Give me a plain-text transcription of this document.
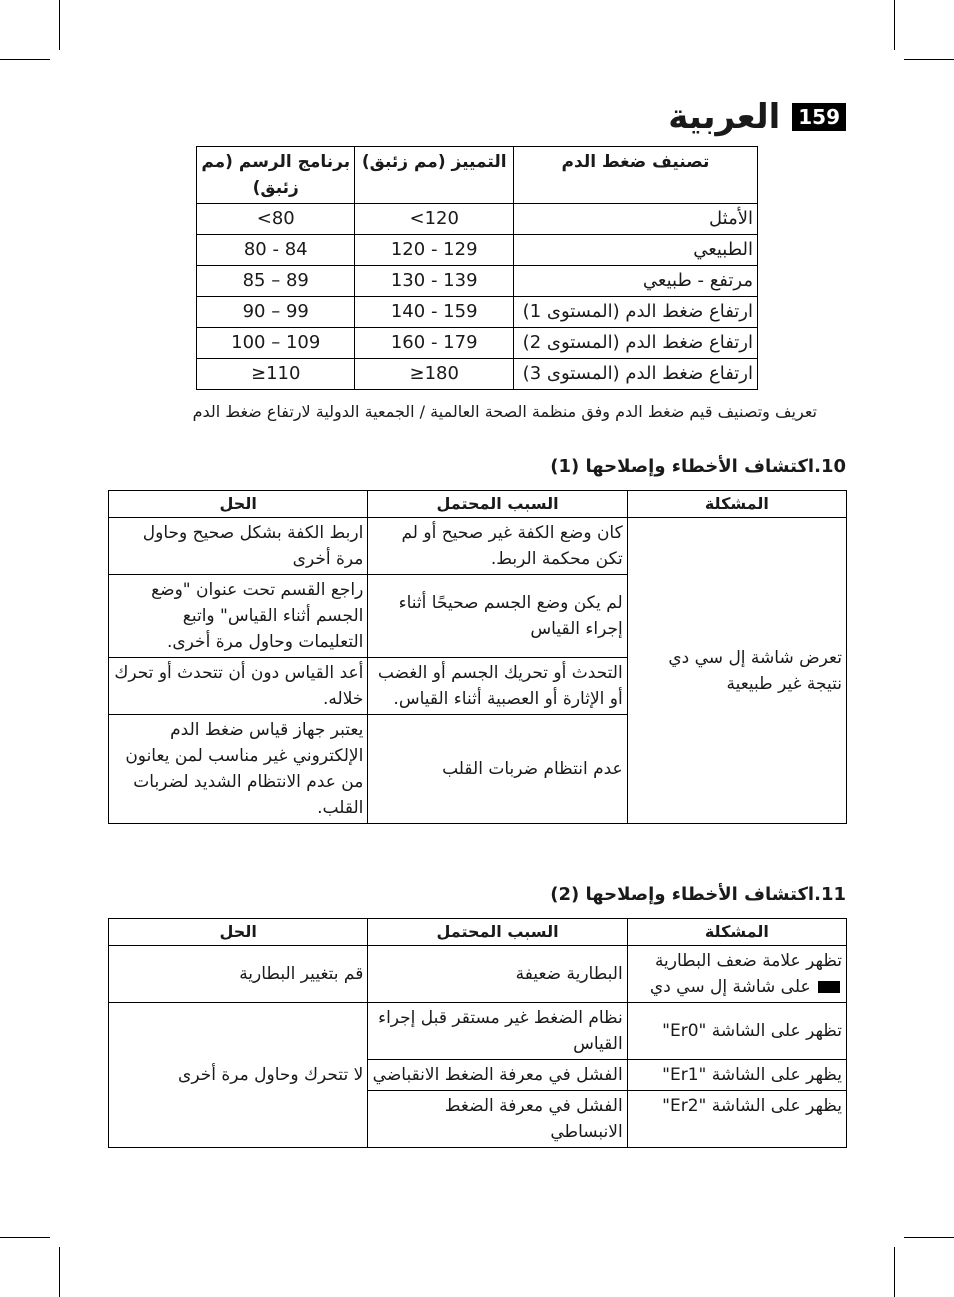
159
العربية
تصنيف ضغط الدم	التمييز (مم زئبق)	برنامج الرسم (مم زئبق)
الأمثل	120>	80>
الطبيعي	129 - 120	84 - 80
مرتفع - طبيعي	139 - 130	89 – 85
ارتفاع ضغط الدم (المستوى 1)	159 - 140	99 – 90
ارتفاع ضغط الدم (المستوى 2)	179 - 160	109 – 100
ارتفاع ضغط الدم (المستوى 3)	180≤	110≤
تعريف وتصنيف قيم ضغط الدم وفق منظمة الصحة العالمية / الجمعية الدولية لارتفاع ضغط الدم
10.اكتشاف الأخطاء وإصلاحها (1)
المشكلة	السبب المحتمل	الحل
تعرض شاشة إل سي دي نتيجة غير طبيعية	كان وضع الكفة غير صحيح أو لم تكن محكمة الربط.	اربط الكفة بشكل صحيح وحاول مرة أخرى
	لم يكن وضع الجسم صحيحًا أثناء إجراء القياس	راجع القسم تحت عنوان "وضع الجسم أثناء القياس" واتبع التعليمات وحاول مرة أخرى.
	التحدث أو تحريك الجسم أو الغضب أو الإثارة أو العصبية أثناء القياس.	أعد القياس دون أن تتحدث أو تحرك خلاله.
	عدم انتظام ضربات القلب	يعتبر جهاز قياس ضغط الدم الإلكتروني غير مناسب لمن يعانون من عدم الانتظام الشديد لضربات القلب.
11.اكتشاف الأخطاء وإصلاحها (2)
المشكلة	السبب المحتمل	الحل
تظهر علامة ضعف البطارية  على شاشة إل سي دي	البطارية ضعيفة	قم بتغيير البطارية
تظهر على الشاشة "Er0"	نظام الضغط غير مستقر قبل إجراء القياس	لا تتحرك وحاول مرة أخرى
يظهر على الشاشة "Er1"	الفشل في معرفة الضغط الانقباضي	
يظهر على الشاشة "Er2"	الفشل في معرفة الضغط الانبساطي	
